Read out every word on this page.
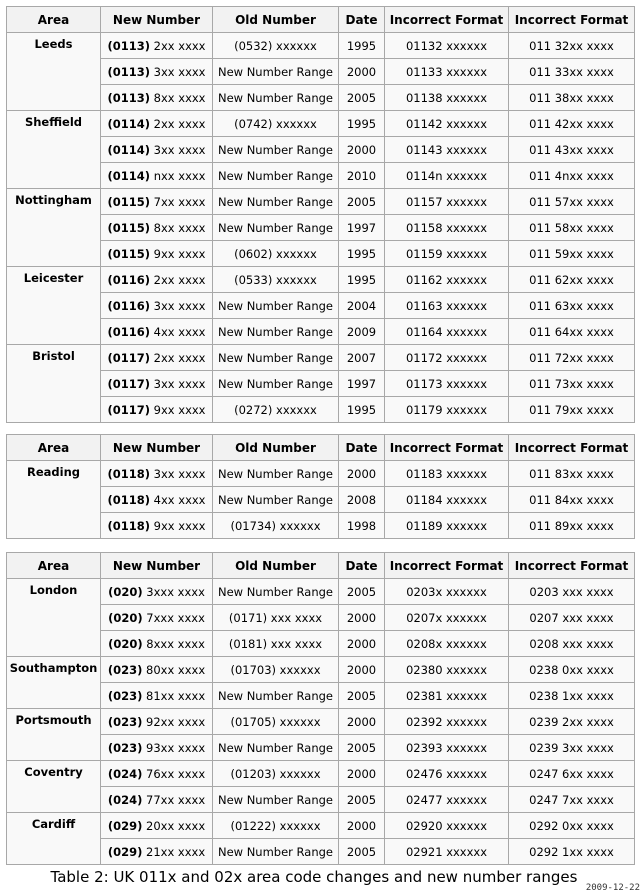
Area	New Number	Old Number	Date	Incorrect Format	Incorrect Format
Leeds	(0113) 2xx xxxx	(0532) xxxxxx	1995	01132 xxxxxx	011 32xx xxxx
	(0113) 3xx xxxx	New Number Range	2000	01133 xxxxxx	011 33xx xxxx
	(0113) 8xx xxxx	New Number Range	2005	01138 xxxxxx	011 38xx xxxx
Sheffield	(0114) 2xx xxxx	(0742) xxxxxx	1995	01142 xxxxxx	011 42xx xxxx
	(0114) 3xx xxxx	New Number Range	2000	01143 xxxxxx	011 43xx xxxx
	(0114) nxx xxxx	New Number Range	2010	0114n xxxxxx	011 4nxx xxxx
Nottingham	(0115) 7xx xxxx	New Number Range	2005	01157 xxxxxx	011 57xx xxxx
	(0115) 8xx xxxx	New Number Range	1997	01158 xxxxxx	011 58xx xxxx
	(0115) 9xx xxxx	(0602) xxxxxx	1995	01159 xxxxxx	011 59xx xxxx
Leicester	(0116) 2xx xxxx	(0533) xxxxxx	1995	01162 xxxxxx	011 62xx xxxx
	(0116) 3xx xxxx	New Number Range	2004	01163 xxxxxx	011 63xx xxxx
	(0116) 4xx xxxx	New Number Range	2009	01164 xxxxxx	011 64xx xxxx
Bristol	(0117) 2xx xxxx	New Number Range	2007	01172 xxxxxx	011 72xx xxxx
	(0117) 3xx xxxx	New Number Range	1997	01173 xxxxxx	011 73xx xxxx
	(0117) 9xx xxxx	(0272) xxxxxx	1995	01179 xxxxxx	011 79xx xxxx
Area	New Number	Old Number	Date	Incorrect Format	Incorrect Format
Reading	(0118) 3xx xxxx	New Number Range	2000	01183 xxxxxx	011 83xx xxxx
	(0118) 4xx xxxx	New Number Range	2008	01184 xxxxxx	011 84xx xxxx
	(0118) 9xx xxxx	(01734) xxxxxx	1998	01189 xxxxxx	011 89xx xxxx
Area	New Number	Old Number	Date	Incorrect Format	Incorrect Format
London	(020) 3xxx xxxx	New Number Range	2005	0203x xxxxxx	0203 xxx xxxx
	(020) 7xxx xxxx	(0171) xxx xxxx	2000	0207x xxxxxx	0207 xxx xxxx
	(020) 8xxx xxxx	(0181) xxx xxxx	2000	0208x xxxxxx	0208 xxx xxxx
Southampton	(023) 80xx xxxx	(01703) xxxxxx	2000	02380 xxxxxx	0238 0xx xxxx
	(023) 81xx xxxx	New Number Range	2005	02381 xxxxxx	0238 1xx xxxx
Portsmouth	(023) 92xx xxxx	(01705) xxxxxx	2000	02392 xxxxxx	0239 2xx xxxx
	(023) 93xx xxxx	New Number Range	2005	02393 xxxxxx	0239 3xx xxxx
Coventry	(024) 76xx xxxx	(01203) xxxxxx	2000	02476 xxxxxx	0247 6xx xxxx
	(024) 77xx xxxx	New Number Range	2005	02477 xxxxxx	0247 7xx xxxx
Cardiff	(029) 20xx xxxx	(01222) xxxxxx	2000	02920 xxxxxx	0292 0xx xxxx
	(029) 21xx xxxx	New Number Range	2005	02921 xxxxxx	0292 1xx xxxx
Table 2: UK 011x and 02x area code changes and new number ranges
2009-12-22
